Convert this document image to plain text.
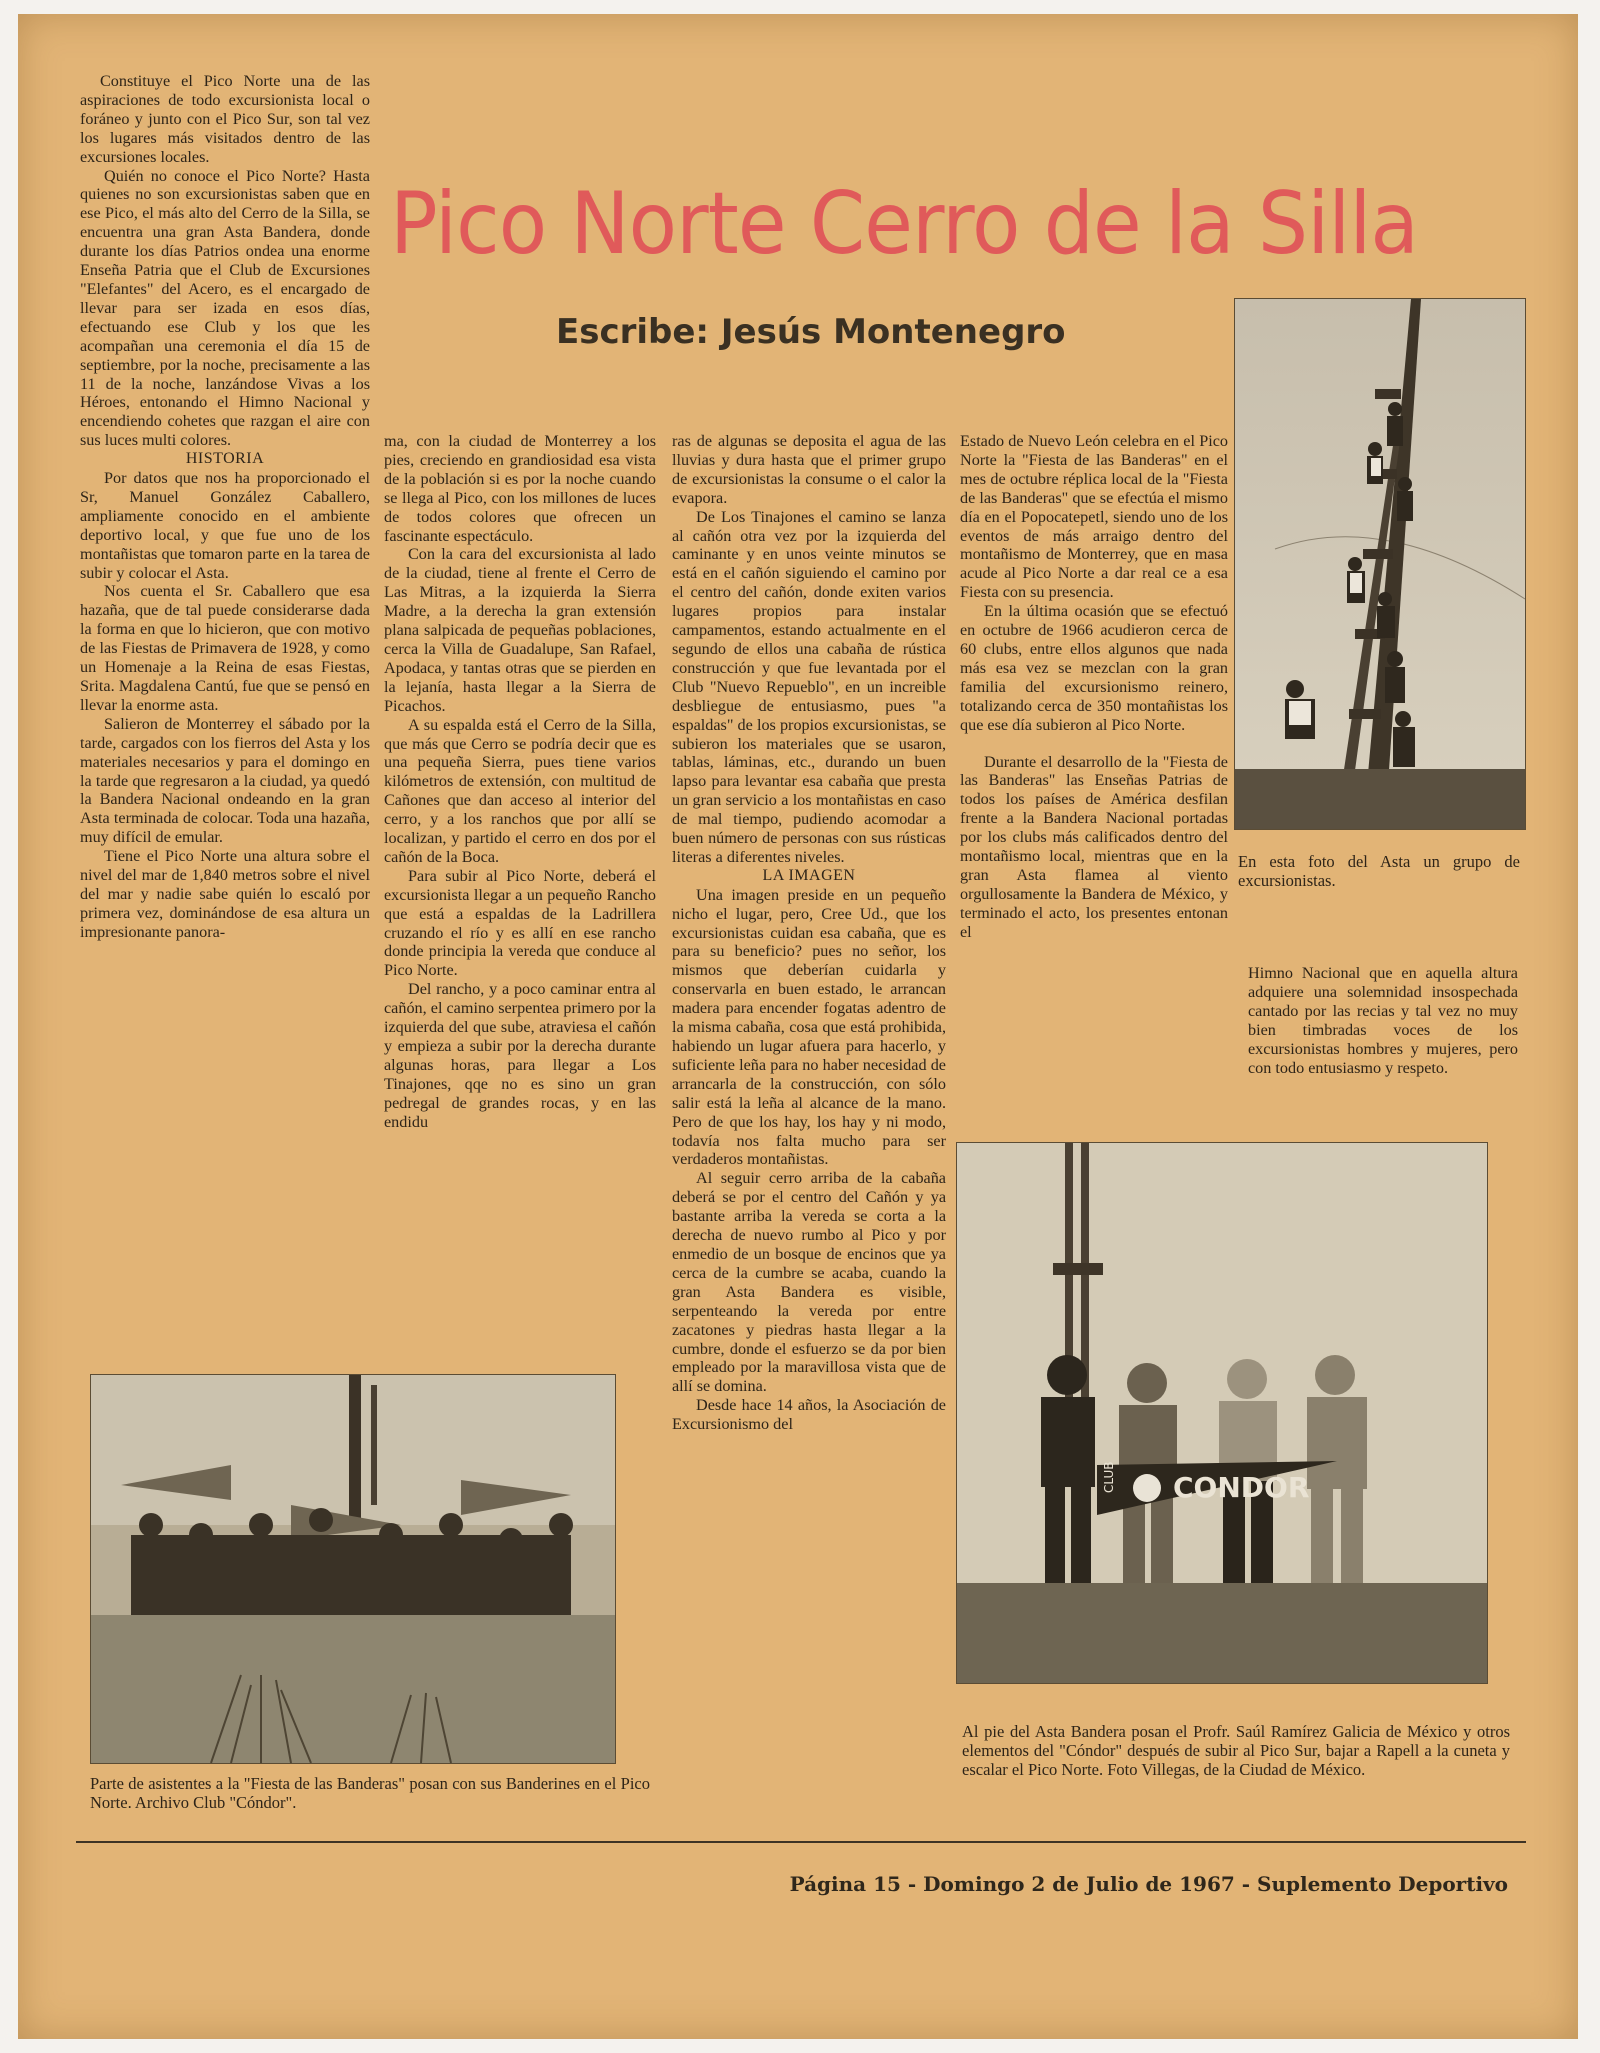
Pico Norte Cerro de la Silla
Escribe: Jesús Montenegro

Constituye el Pico Norte una de las aspiraciones de todo excursionista local o foráneo y junto con el Pico Sur, son tal vez los lugares más visitados dentro de las excursiones locales.

Quién no conoce el Pico Norte? Hasta quienes no son excursionistas saben que en ese Pico, el más alto del Cerro de la Silla, se encuentra una gran Asta Bandera, donde durante los días Patrios ondea una enorme Enseña Patria que el Club de Excursiones "Elefantes" del Acero, es el encargado de llevar para ser izada en esos días, efectuando ese Club y los que les acompañan una ceremonia el día 15 de septiembre, por la noche, precisamente a las 11 de la noche, lanzándose Vivas a los Héroes, entonando el Himno Nacional y encendiendo cohetes que razgan el aire con sus luces multi colores.

HISTORIA

Por datos que nos ha proporcionado el Sr, Manuel González Caballero, ampliamente conocido en el ambiente deportivo local, y que fue uno de los montañistas que tomaron parte en la tarea de subir y colocar el Asta.

Nos cuenta el Sr. Caballero que esa hazaña, que de tal puede considerarse dada la forma en que lo hicieron, que con motivo de las Fiestas de Primavera de 1928, y como un Homenaje a la Reina de esas Fiestas, Srita. Magdalena Cantú, fue que se pensó en llevar la enorme asta.

Salieron de Monterrey el sábado por la tarde, cargados con los fierros del Asta y los materiales necesarios y para el domingo en la tarde que regresaron a la ciudad, ya quedó la Bandera Nacional ondeando en la gran Asta terminada de colocar. Toda una hazaña, muy difícil de emular.

Tiene el Pico Norte una altura sobre el nivel del mar de 1,840 metros sobre el nivel del mar y nadie sabe quién lo escaló por primera vez, dominándose de esa altura un impresionante panora-

ma, con la ciudad de Monterrey a los pies, creciendo en grandiosidad esa vista de la población si es por la noche cuando se llega al Pico, con los millones de luces de todos colores que ofrecen un fascinante espectáculo.

Con la cara del excursionista al lado de la ciudad, tiene al frente el Cerro de Las Mitras, a la izquierda la Sierra Madre, a la derecha la gran extensión plana salpicada de pequeñas poblaciones, cerca la Villa de Guadalupe, San Rafael, Apodaca, y tantas otras que se pierden en la lejanía, hasta llegar a la Sierra de Picachos.

A su espalda está el Cerro de la Silla, que más que Cerro se podría decir que es una pequeña Sierra, pues tiene varios kilómetros de extensión, con multitud de Cañones que dan acceso al interior del cerro, y a los ranchos que por allí se localizan, y partido el cerro en dos por el cañón de la Boca.

Para subir al Pico Norte, deberá el excursionista llegar a un pequeño Rancho que está a espaldas de la Ladrillera cruzando el río y es allí en ese rancho donde principia la vereda que conduce al Pico Norte.

Del rancho, y a poco caminar entra al cañón, el camino serpentea primero por la izquierda del que sube, atraviesa el cañón y empieza a subir por la derecha durante algunas horas, para llegar a Los Tinajones, qqe no es sino un gran pedregal de grandes rocas, y en las endidu

ras de algunas se deposita el agua de las lluvias y dura hasta que el primer grupo de excursionistas la consume o el calor la evapora.

De Los Tinajones el camino se lanza al cañón otra vez por la izquierda del caminante y en unos veinte minutos se está en el cañón siguiendo el camino por el centro del cañón, donde exiten varios lugares propios para instalar campamentos, estando actualmente en el segundo de ellos una cabaña de rústica construcción y que fue levantada por el Club "Nuevo Repueblo", en un increible desbliegue de entusiasmo, pues "a espaldas" de los propios excursionistas, se subieron los materiales que se usaron, tablas, láminas, etc., durando un buen lapso para levantar esa cabaña que presta un gran servicio a los montañistas en caso de mal tiempo, pudiendo acomodar a buen número de personas con sus rústicas literas a diferentes niveles.

LA IMAGEN

Una imagen preside en un pequeño nicho el lugar, pero, Cree Ud., que los excursionistas cuidan esa cabaña, que es para su beneficio? pues no señor, los mismos que deberían cuidarla y conservarla en buen estado, le arrancan madera para encender fogatas adentro de la misma cabaña, cosa que está prohibida, habiendo un lugar afuera para hacerlo, y suficiente leña para no haber necesidad de arrancarla de la construcción, con sólo salir está la leña al alcance de la mano. Pero de que los hay, los hay y ni modo, todavía nos falta mucho para ser verdaderos montañistas.

Al seguir cerro arriba de la cabaña deberá se por el centro del Cañón y ya bastante arriba la vereda se corta a la derecha de nuevo rumbo al Pico y por enmedio de un bosque de encinos que ya cerca de la cumbre se acaba, cuando la gran Asta Bandera es visible, serpenteando la vereda por entre zacatones y piedras hasta llegar a la cumbre, donde el esfuerzo se da por bien empleado por la maravillosa vista que de allí se domina.

Desde hace 14 años, la Asociación de Excursionismo del

Estado de Nuevo León celebra en el Pico Norte la "Fiesta de las Banderas" en el mes de octubre réplica local de la "Fiesta de las Banderas" que se efectúa el mismo día en el Popocatepetl, siendo uno de los eventos de más arraigo dentro del montañismo de Monterrey, que en masa acude al Pico Norte a dar real ce a esa Fiesta con su presencia.

En la última ocasión que se efectuó en octubre de 1966 acudieron cerca de 60 clubs, entre ellos algunos que nada más esa vez se mezclan con la gran familia del excursionismo reinero, totalizando cerca de 350 montañistas los que ese día subieron al Pico Norte.

Durante el desarrollo de la "Fiesta de las Banderas" las Enseñas Patrias de todos los países de América desfilan frente a la Bandera Nacional portadas por los clubs más calificados dentro del montañismo local, mientras que en la gran Asta flamea al viento orgullosamente la Bandera de México, y terminado el acto, los presentes entonan el

Himno Nacional que en aquella altura adquiere una solemnidad insospechada cantado por las recias y tal vez no muy bien timbradas voces de los excursionistas hombres y mujeres, pero con todo entusiasmo y respeto.

En esta foto del Asta un grupo de excursionistas.
Parte de asistentes a la "Fiesta de las Banderas" posan con sus Banderines en el Pico Norte. Archivo Club "Cóndor".
CLUB CONDOR
Al pie del Asta Bandera posan el Profr. Saúl Ramírez Galicia de México y otros elementos del "Cóndor" después de subir al Pico Sur, bajar a Rapell a la cuneta y escalar el Pico Norte. Foto Villegas, de la Ciudad de México.
Página 15 - Domingo 2 de Julio de 1967 - Suplemento Deportivo
